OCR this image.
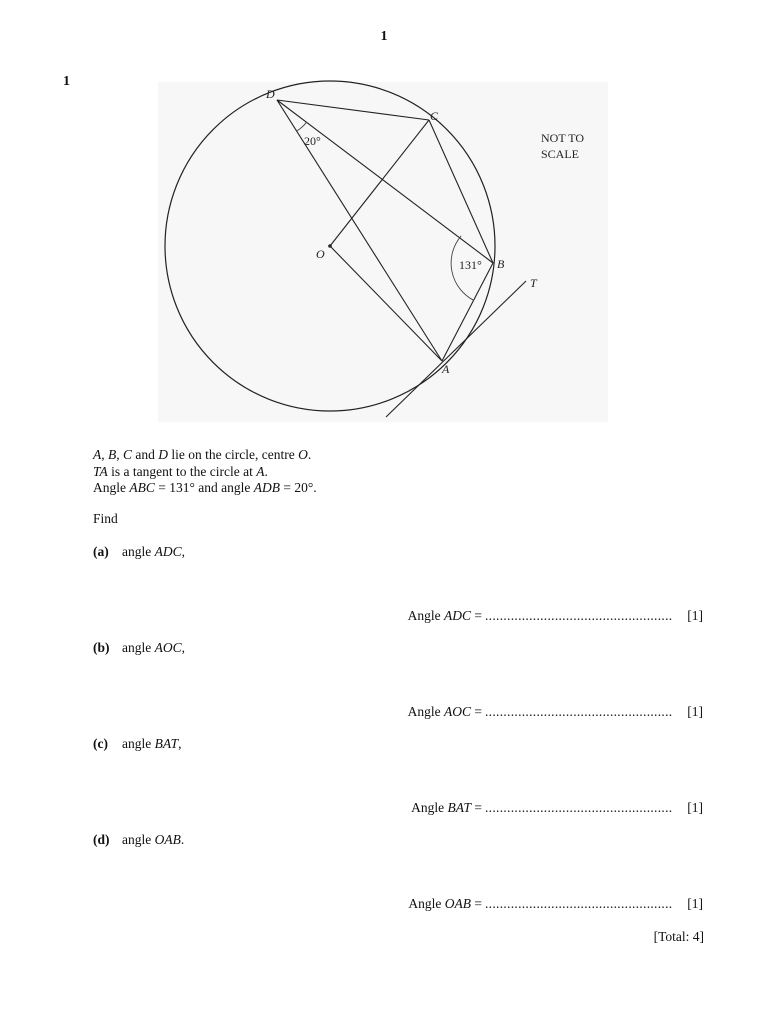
1
1
D
C
O
B
A
T
20°
131°
NOT TO
SCALE
A, B, C and D lie on the circle, centre O.
TA is a tangent to the circle at A.
Angle ABC = 131° and angle ADB = 20°.
Find
(a) angle ADC,
Angle ADC =................................................... [1]
(b) angle AOC,
Angle AOC =................................................... [1]
(c) angle BAT,
Angle BAT =................................................... [1]
(d) angle OAB.
Angle OAB =................................................... [1]
[Total: 4]
